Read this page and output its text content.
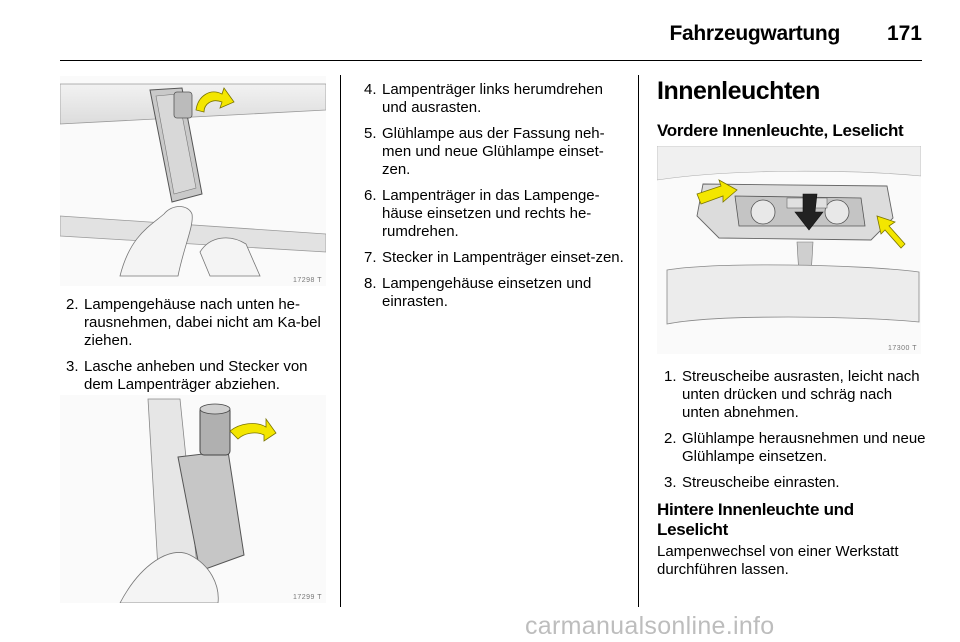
Fahrzeugwartung	171
17298 T
2. Lampengehäuse nach unten he-rausnehmen, dabei nicht am Ka-bel ziehen.
3. Lasche anheben und Stecker von dem Lampenträger abziehen.
17299 T
4. Lampenträger links herumdrehen und ausrasten.
5. Glühlampe aus der Fassung neh-men und neue Glühlampe einset-zen.
6. Lampenträger in das Lampenge-häuse einsetzen und rechts he-rumdrehen.
7. Stecker in Lampenträger einset-zen.
8. Lampengehäuse einsetzen und einrasten.
Innenleuchten
Vordere Innenleuchte, Leselicht
17300 T
1. Streuscheibe ausrasten, leicht nach unten drücken und schräg nach unten abnehmen.
2. Glühlampe herausnehmen und neue Glühlampe einsetzen.
3. Streuscheibe einrasten.
Hintere Innenleuchte und
Leselicht
Lampenwechsel von einer Werkstatt
durchführen lassen.
carmanualsonline.info
